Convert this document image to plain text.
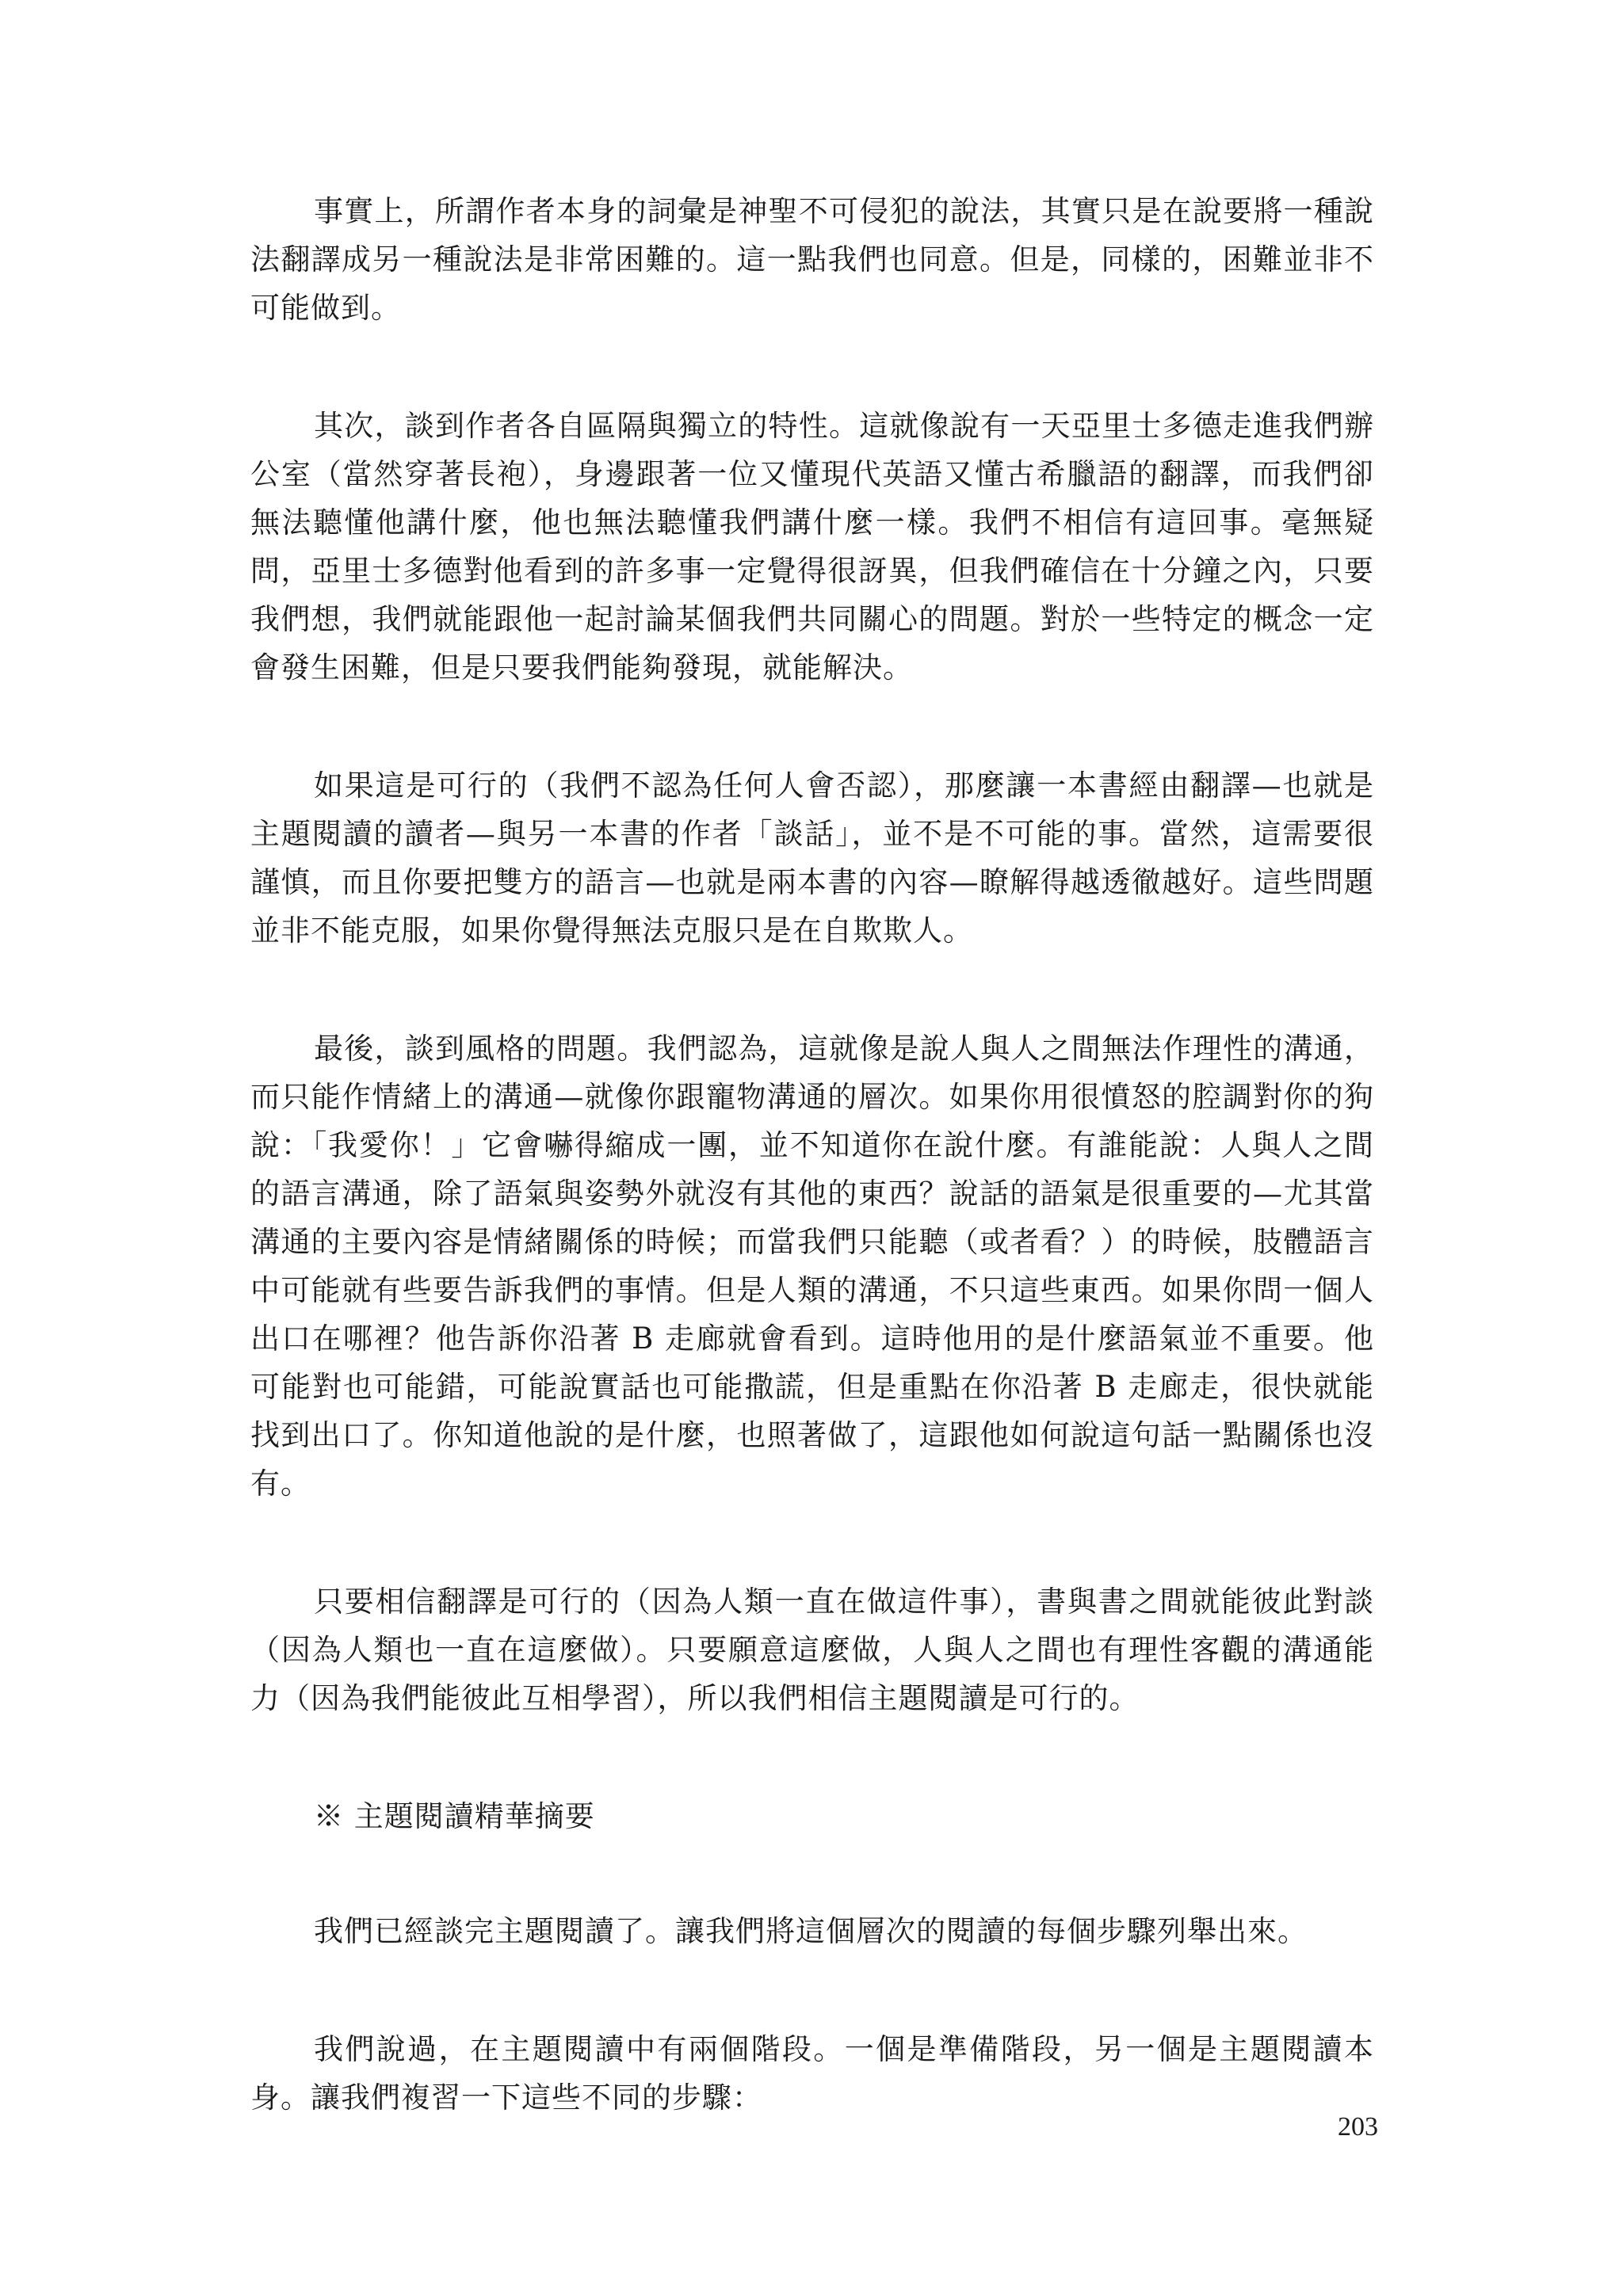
事實上，所謂作者本身的詞彙是神聖不可侵犯的說法，其實只是在說要將一種說法翻譯成另一種說法是非常困難的。這一點我們也同意。但是，同樣的，困難並非不可能做到。

其次，談到作者各自區隔與獨立的特性。這就像說有一天亞里士多德走進我們辦公室（當然穿著長袍），身邊跟著一位又懂現代英語又懂古希臘語的翻譯，而我們卻無法聽懂他講什麼，他也無法聽懂我們講什麼一樣。我們不相信有這回事。毫無疑問，亞里士多德對他看到的許多事一定覺得很訝異，但我們確信在十分鐘之內，只要我們想，我們就能跟他一起討論某個我們共同關心的問題。對於一些特定的概念一定會發生困難，但是只要我們能夠發現，就能解決。

如果這是可行的（我們不認為任何人會否認），那麼讓一本書經由翻譯—也就是主題閱讀的讀者—與另一本書的作者「談話」，並不是不可能的事。當然，這需要很謹慎，而且你要把雙方的語言—也就是兩本書的內容—瞭解得越透徹越好。這些問題並非不能克服，如果你覺得無法克服只是在自欺欺人。

最後，談到風格的問題。我們認為，這就像是說人與人之間無法作理性的溝通，而只能作情緒上的溝通—就像你跟寵物溝通的層次。如果你用很憤怒的腔調對你的狗說：「我愛你！」它會嚇得縮成一團，並不知道你在說什麼。有誰能說：人與人之間的語言溝通，除了語氣與姿勢外就沒有其他的東西？說話的語氣是很重要的—尤其當溝通的主要內容是情緒關係的時候；而當我們只能聽（或者看？）的時候，肢體語言中可能就有些要告訴我們的事情。但是人類的溝通，不只這些東西。如果你問一個人出口在哪裡？他告訴你沿著 B 走廊就會看到。這時他用的是什麼語氣並不重要。他可能對也可能錯，可能說實話也可能撒謊，但是重點在你沿著 B 走廊走，很快就能找到出口了。你知道他說的是什麼，也照著做了，這跟他如何說這句話一點關係也沒有。

只要相信翻譯是可行的（因為人類一直在做這件事），書與書之間就能彼此對談（因為人類也一直在這麼做）。只要願意這麼做，人與人之間也有理性客觀的溝通能力（因為我們能彼此互相學習），所以我們相信主題閱讀是可行的。

※ 主題閱讀精華摘要

我們已經談完主題閱讀了。讓我們將這個層次的閱讀的每個步驟列舉出來。

我們說過，在主題閱讀中有兩個階段。一個是準備階段，另一個是主題閱讀本身。讓我們複習一下這些不同的步驟：

203
